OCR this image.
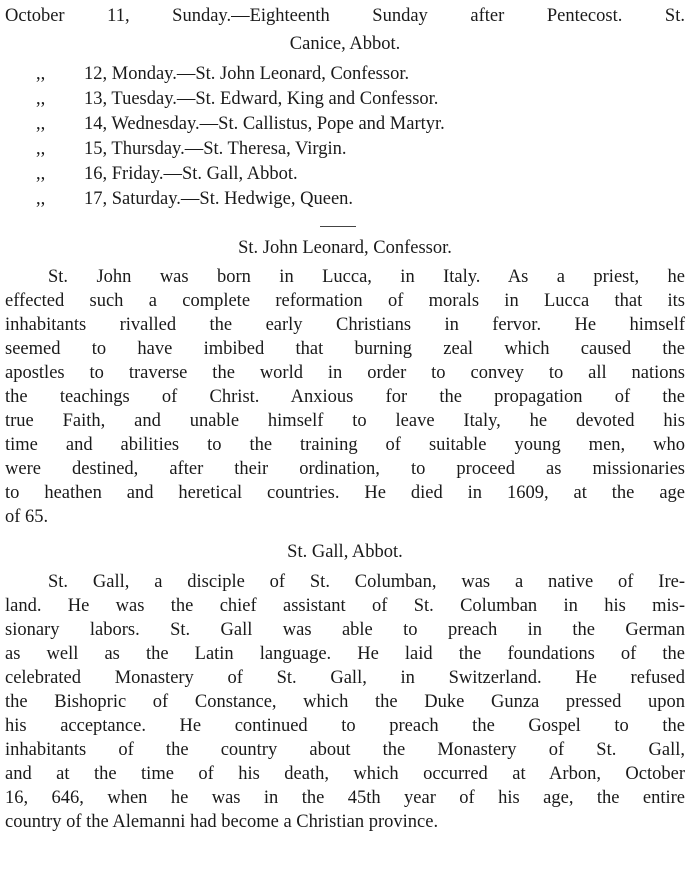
October 11, Sunday.—Eighteenth Sunday after Pentecost. St.
Canice, Abbot.
,, 12, Monday.—St. John Leonard, Confessor.
,, 13, Tuesday.—St. Edward, King and Confessor.
,, 14, Wednesday.—St. Callistus, Pope and Martyr.
,, 15, Thursday.—St. Theresa, Virgin.
,, 16, Friday.—St. Gall, Abbot.
,, 17, Saturday.—St. Hedwige, Queen.
St. John Leonard, Confessor.
St. John was born in Lucca, in Italy. As a priest, he
effected such a complete reformation of morals in Lucca that its
inhabitants rivalled the early Christians in fervor. He himself
seemed to have imbibed that burning zeal which caused the
apostles to traverse the world in order to convey to all nations
the teachings of Christ. Anxious for the propagation of the
true Faith, and unable himself to leave Italy, he devoted his
time and abilities to the training of suitable young men, who
were destined, after their ordination, to proceed as missionaries
to heathen and heretical countries. He died in 1609, at the age
of 65.
St. Gall, Abbot.
St. Gall, a disciple of St. Columban, was a native of Ire-
land. He was the chief assistant of St. Columban in his mis-
sionary labors. St. Gall was able to preach in the German
as well as the Latin language. He laid the foundations of the
celebrated Monastery of St. Gall, in Switzerland. He refused
the Bishopric of Constance, which the Duke Gunza pressed upon
his acceptance. He continued to preach the Gospel to the
inhabitants of the country about the Monastery of St. Gall,
and at the time of his death, which occurred at Arbon, October
16, 646, when he was in the 45th year of his age, the entire
country of the Alemanni had become a Christian province.
